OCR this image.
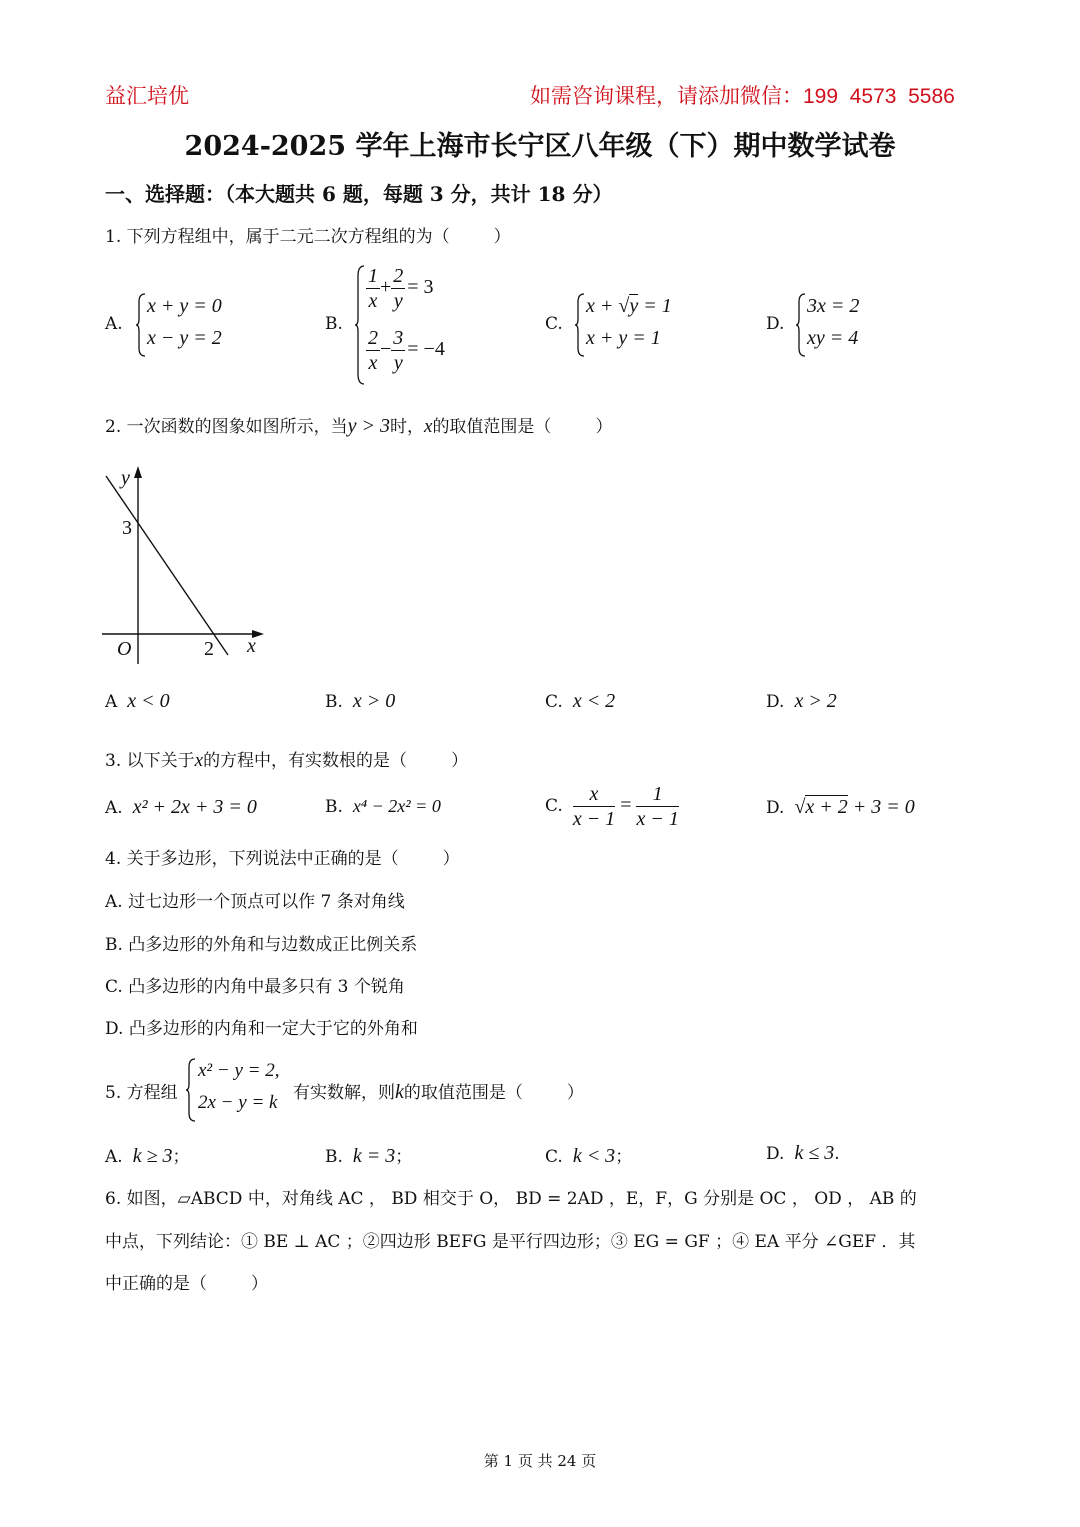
益汇培优	如需咨询课程，请添加微信：199  4573  5586
2024-2025 学年上海市长宁区八年级（下）期中数学试卷
一、选择题：（本大题共 6 题，每题 3 分，共计 18 分）
1. 下列方程组中，属于二元二次方程组的为（	）
A.
x + y = 0
x − y = 2
B.
$\frac{1}{x} + \frac{2}{y} = 3$
$\frac{2}{x} - \frac{3}{y} = -4$
C.
x + √y = 1
x + y = 1
D.
3x = 2
xy = 4
2. 一次函数的图象如图所示，当y > 3时，x的取值范围是（	）
y
3
O	2 x
A x < 0	B. x > 0	C. x < 2	D. x > 2
3. 以下关于x的方程中，有实数根的是（	）
A. x² + 2x + 3 = 0	B. x⁴ − 2x² = 0	C. $\frac{x}{x - 1} = \frac{1}{x - 1}$	D. √x + 2 + 3 = 0
4. 关于多边形，下列说法中正确的是（	）
A. 过七边形一个顶点可以作 7 条对角线
B. 凸多边形的外角和与边数成正比例关系
C. 凸多边形的内角中最多只有 3 个锐角
D. 凸多边形的内角和一定大于它的外角和
5. 方程组
x² − y = 2,
2x − y = k 有实数解，则k的取值范围是（	）
A. k ≥ 3；	B. k = 3；	C. k < 3；	D. k ≤ 3.
6. 如图，▱ABCD 中，对角线 AC ， BD 相交于 O， BD = 2AD ，E，F，G 分别是 OC ， OD ， AB 的
中点，下列结论：① BE ⊥ AC ；②四边形 BEFG 是平行四边形；③ EG = GF ；④ EA 平分 ∠GEF ．其
中正确的是（	）
第 1 页 共 24 页
